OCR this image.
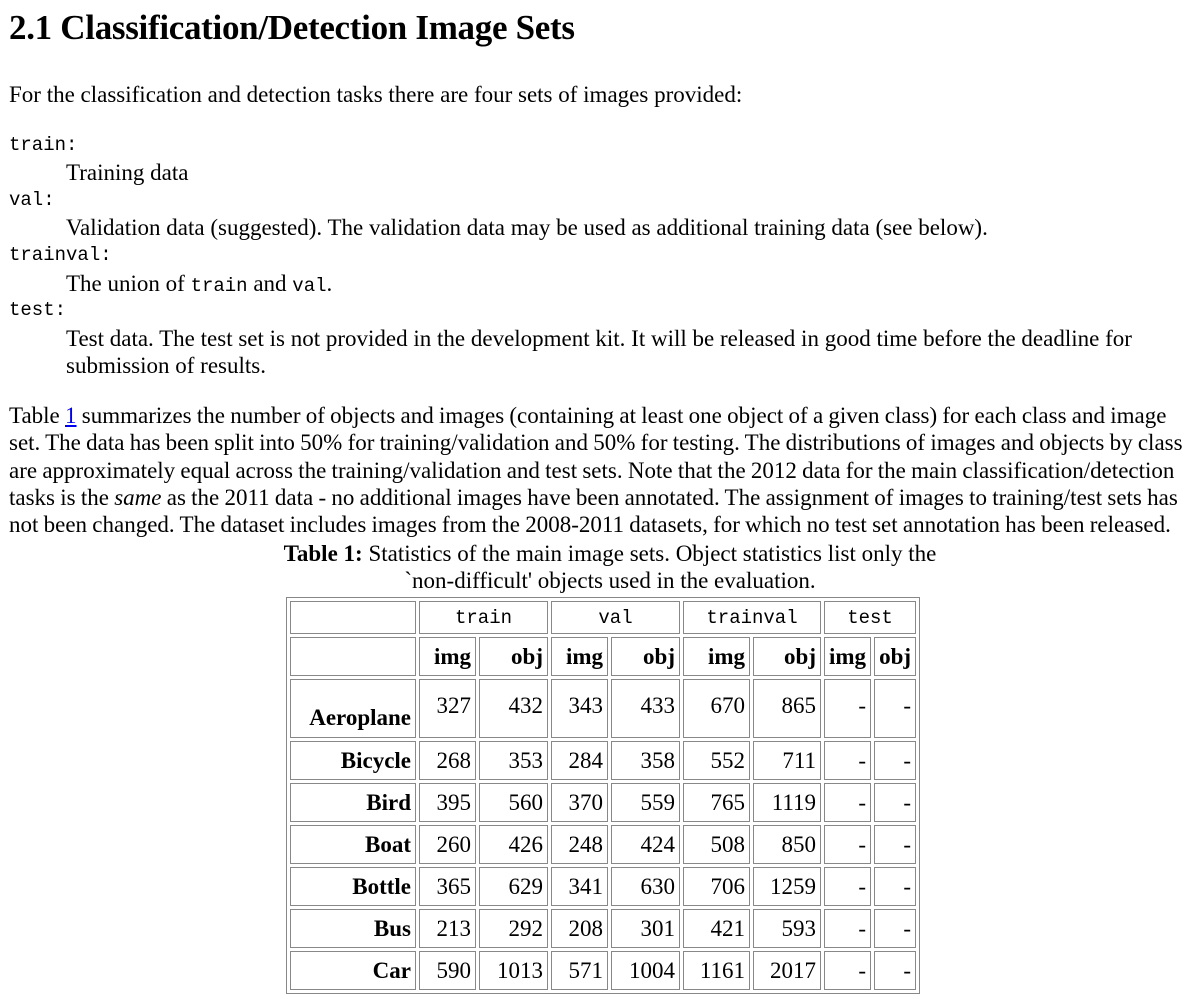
2.1 Classification/Detection Image Sets

For the classification and detection tasks there are four sets of images provided:

train:
Training data
val:
Validation data (suggested). The validation data may be used as additional training data (see below).
trainval:
The union of train and val.
test:
Test data. The test set is not provided in the development kit. It will be released in good time before the deadline for submission of results.

Table 1 summarizes the number of objects and images (containing at least one object of a given class) for each class and image set. The data has been split into 50% for training/validation and 50% for testing. The distributions of images and objects by class are approximately equal across the training/validation and test sets. Note that the 2012 data for the main classification/detection tasks is the same as the 2011 data - no additional images have been annotated. The assignment of images to training/test sets has not been changed. The dataset includes images from the 2008-2011 datasets, for which no test set annotation has been released.

Table 1: Statistics of the main image sets. Object statistics list only the `non-difficult' objects used in the evaluation.
	train		val		trainval		test	
	img	obj	img	obj	img	obj	img	obj
Aeroplane	327	432	343	433	670	865	-	-
Bicycle	268	353	284	358	552	711	-	-
Bird	395	560	370	559	765	1119	-	-
Boat	260	426	248	424	508	850	-	-
Bottle	365	629	341	630	706	1259	-	-
Bus	213	292	208	301	421	593	-	-
Car	590	1013	571	1004	1161	2017	-	-
